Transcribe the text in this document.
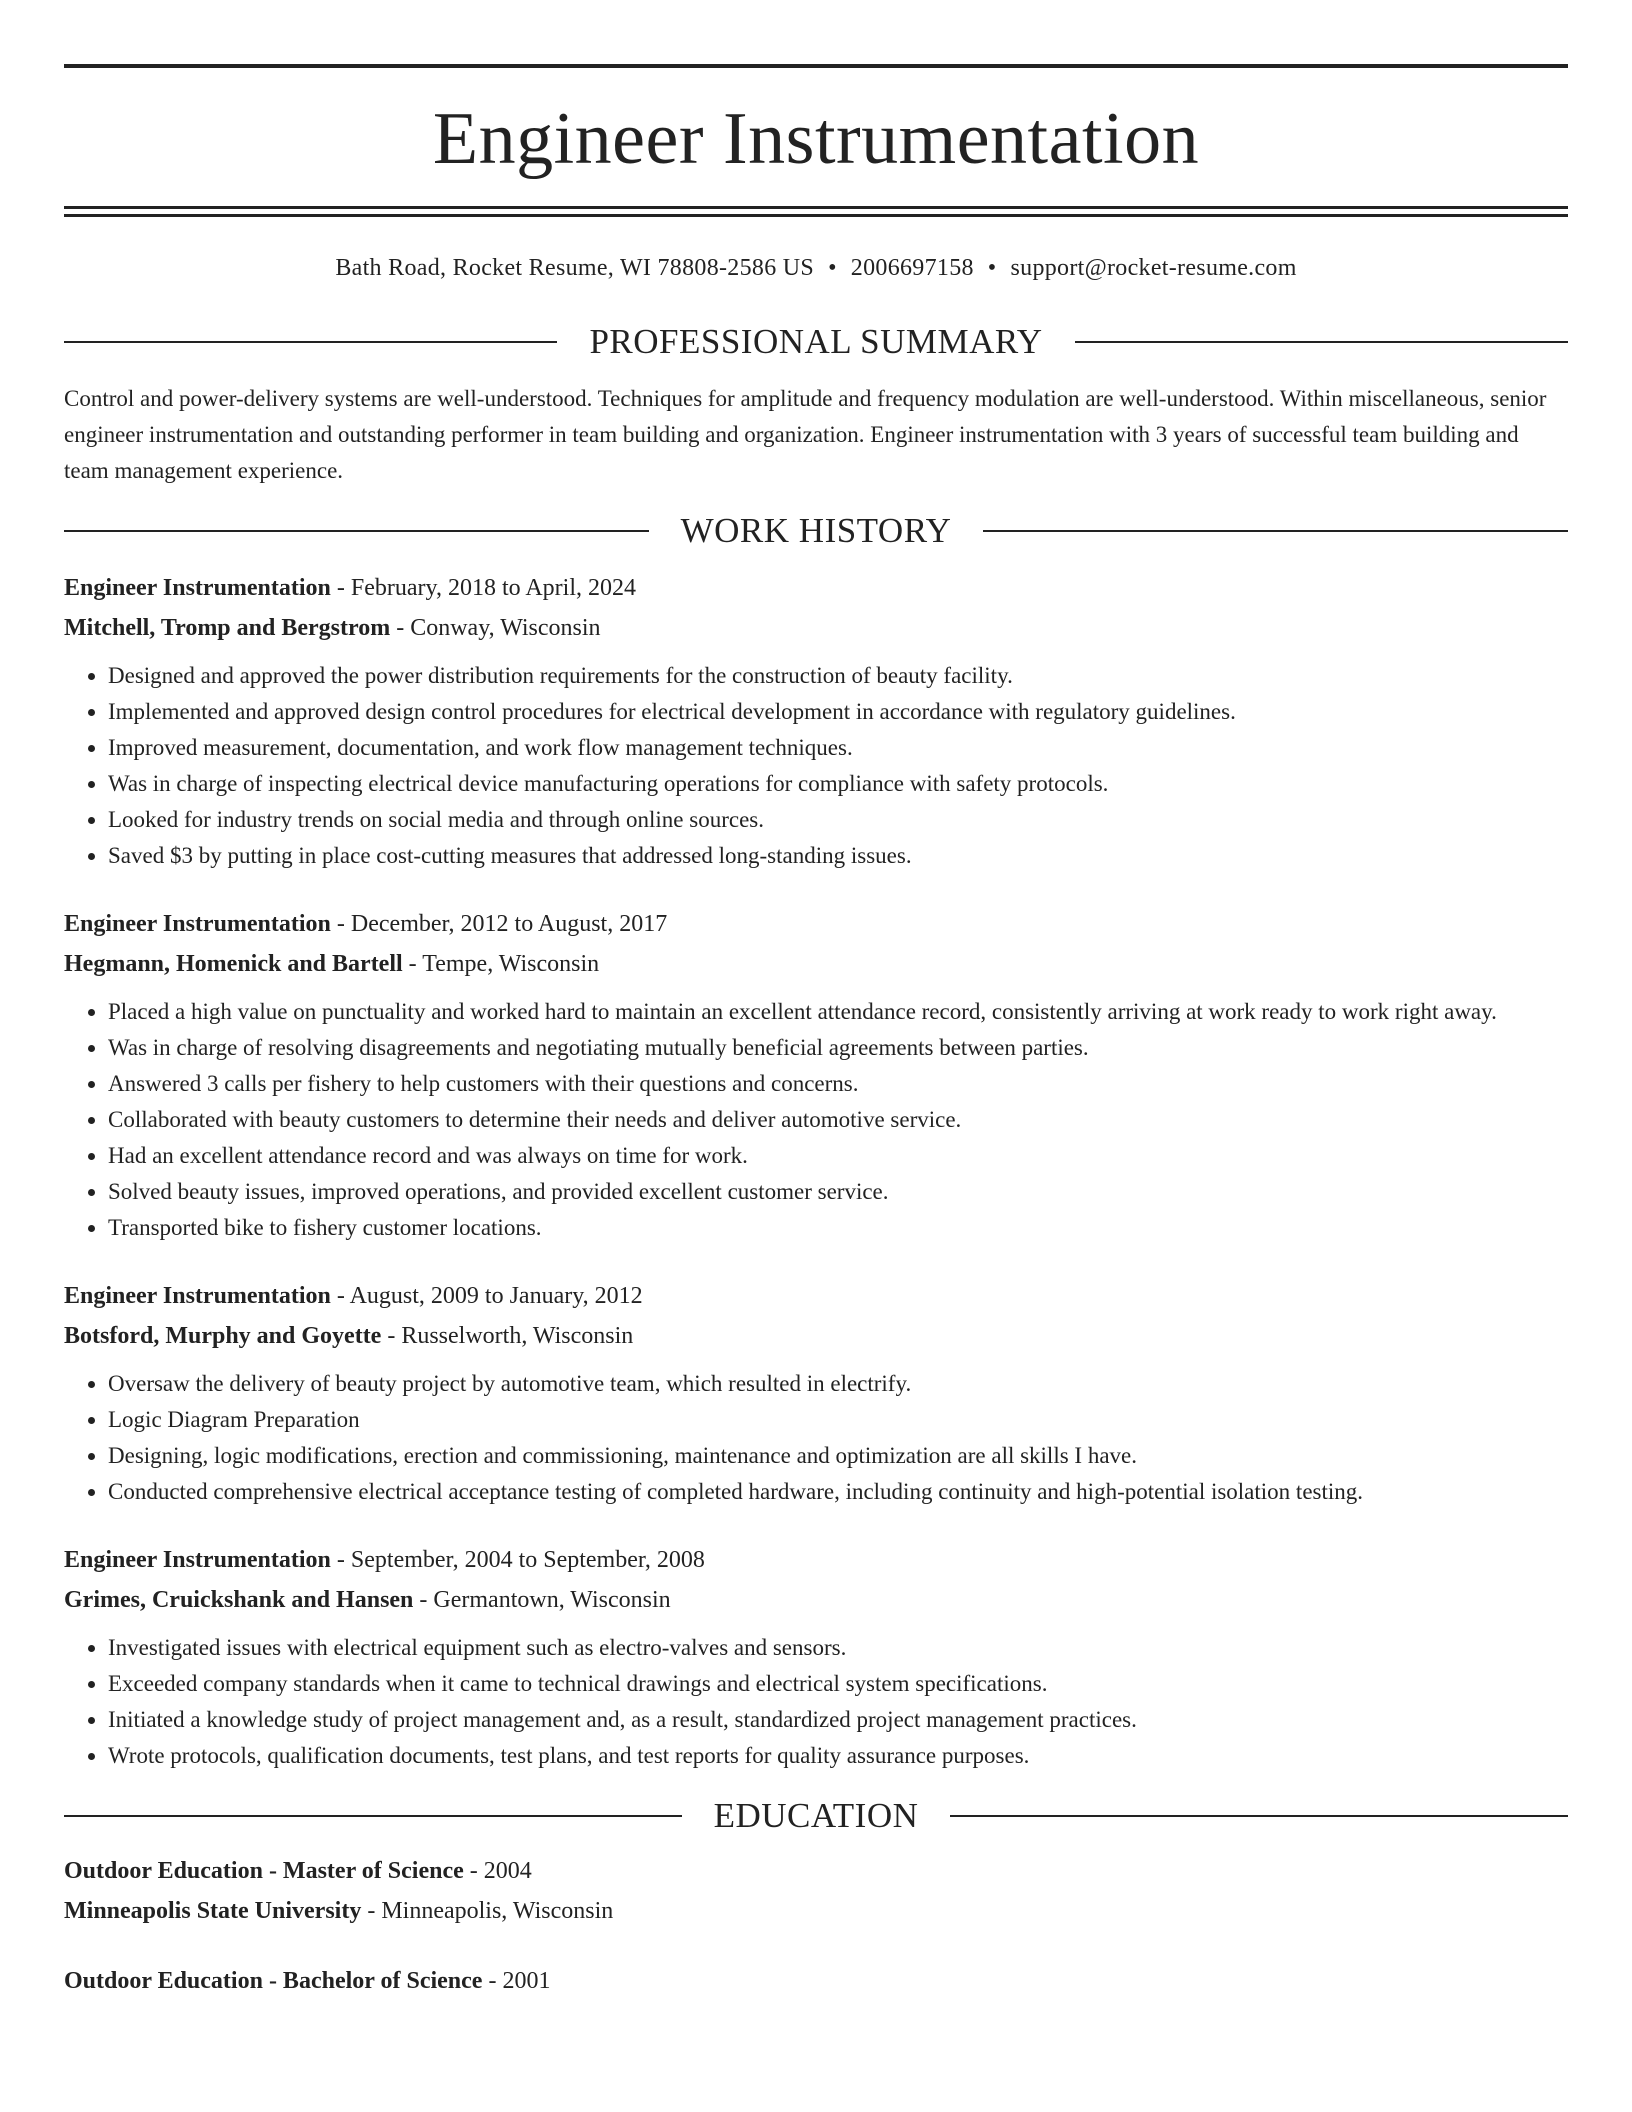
Engineer Instrumentation
Bath Road, Rocket Resume, WI 78808-2586 US • 2006697158 • support@rocket-resume.com
PROFESSIONAL SUMMARY
Control and power-delivery systems are well-understood. Techniques for amplitude and frequency modulation are well-understood. Within miscellaneous, senior engineer instrumentation and outstanding performer in team building and organization. Engineer instrumentation with 3 years of successful team building and team management experience.
WORK HISTORY
Engineer Instrumentation - February, 2018 to April, 2024
Mitchell, Tromp and Bergstrom - Conway, Wisconsin
• Designed and approved the power distribution requirements for the construction of beauty facility.
• Implemented and approved design control procedures for electrical development in accordance with regulatory guidelines.
• Improved measurement, documentation, and work flow management techniques.
• Was in charge of inspecting electrical device manufacturing operations for compliance with safety protocols.
• Looked for industry trends on social media and through online sources.
• Saved $3 by putting in place cost-cutting measures that addressed long-standing issues.
Engineer Instrumentation - December, 2012 to August, 2017
Hegmann, Homenick and Bartell - Tempe, Wisconsin
• Placed a high value on punctuality and worked hard to maintain an excellent attendance record, consistently arriving at work ready to work right away.
• Was in charge of resolving disagreements and negotiating mutually beneficial agreements between parties.
• Answered 3 calls per fishery to help customers with their questions and concerns.
• Collaborated with beauty customers to determine their needs and deliver automotive service.
• Had an excellent attendance record and was always on time for work.
• Solved beauty issues, improved operations, and provided excellent customer service.
• Transported bike to fishery customer locations.
Engineer Instrumentation - August, 2009 to January, 2012
Botsford, Murphy and Goyette - Russelworth, Wisconsin
• Oversaw the delivery of beauty project by automotive team, which resulted in electrify.
• Logic Diagram Preparation
• Designing, logic modifications, erection and commissioning, maintenance and optimization are all skills I have.
• Conducted comprehensive electrical acceptance testing of completed hardware, including continuity and high-potential isolation testing.
Engineer Instrumentation - September, 2004 to September, 2008
Grimes, Cruickshank and Hansen - Germantown, Wisconsin
• Investigated issues with electrical equipment such as electro-valves and sensors.
• Exceeded company standards when it came to technical drawings and electrical system specifications.
• Initiated a knowledge study of project management and, as a result, standardized project management practices.
• Wrote protocols, qualification documents, test plans, and test reports for quality assurance purposes.
EDUCATION
Outdoor Education - Master of Science - 2004
Minneapolis State University - Minneapolis, Wisconsin
Outdoor Education - Bachelor of Science - 2001
